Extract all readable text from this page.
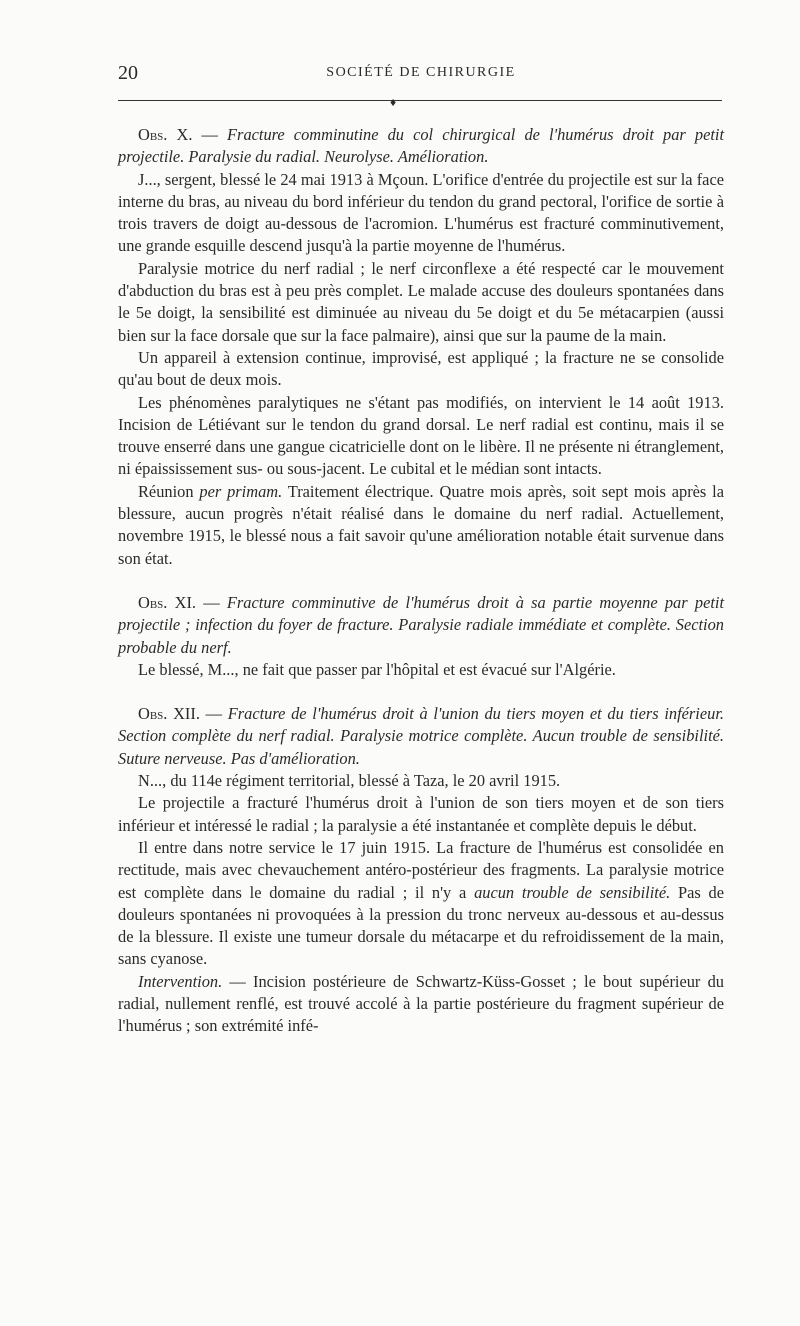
20	SOCIÉTÉ DE CHIRURGIE
♦

Obs. X. — Fracture comminutine du col chirurgical de l'humérus droit par petit projectile. Paralysie du radial. Neurolyse. Amélioration.

J..., sergent, blessé le 24 mai 1913 à Mçoun. L'orifice d'entrée du projectile est sur la face interne du bras, au niveau du bord inférieur du tendon du grand pectoral, l'orifice de sortie à trois travers de doigt au-dessous de l'acromion. L'humérus est fracturé comminutivement, une grande esquille descend jusqu'à la partie moyenne de l'humérus.

Paralysie motrice du nerf radial ; le nerf circonflexe a été respecté car le mouvement d'abduction du bras est à peu près complet. Le malade accuse des douleurs spontanées dans le 5e doigt, la sensibilité est diminuée au niveau du 5e doigt et du 5e métacarpien (aussi bien sur la face dorsale que sur la face palmaire), ainsi que sur la paume de la main.

Un appareil à extension continue, improvisé, est appliqué ; la fracture ne se consolide qu'au bout de deux mois.

Les phénomènes paralytiques ne s'étant pas modifiés, on intervient le 14 août 1913. Incision de Létiévant sur le tendon du grand dorsal. Le nerf radial est continu, mais il se trouve enserré dans une gangue cicatricielle dont on le libère. Il ne présente ni étranglement, ni épaississement sus- ou sous-jacent. Le cubital et le médian sont intacts.

Réunion per primam. Traitement électrique. Quatre mois après, soit sept mois après la blessure, aucun progrès n'était réalisé dans le domaine du nerf radial. Actuellement, novembre 1915, le blessé nous a fait savoir qu'une amélioration notable était survenue dans son état.

Obs. XI. — Fracture comminutive de l'humérus droit à sa partie moyenne par petit projectile ; infection du foyer de fracture. Paralysie radiale immédiate et complète. Section probable du nerf.

Le blessé, M..., ne fait que passer par l'hôpital et est évacué sur l'Algérie.

Obs. XII. — Fracture de l'humérus droit à l'union du tiers moyen et du tiers inférieur. Section complète du nerf radial. Paralysie motrice complète. Aucun trouble de sensibilité. Suture nerveuse. Pas d'amélioration.

N..., du 114e régiment territorial, blessé à Taza, le 20 avril 1915.

Le projectile a fracturé l'humérus droit à l'union de son tiers moyen et de son tiers inférieur et intéressé le radial ; la paralysie a été instantanée et complète depuis le début.

Il entre dans notre service le 17 juin 1915. La fracture de l'humérus est consolidée en rectitude, mais avec chevauchement antéro-postérieur des fragments. La paralysie motrice est complète dans le domaine du radial ; il n'y a aucun trouble de sensibilité. Pas de douleurs spontanées ni provoquées à la pression du tronc nerveux au-dessous et au-dessus de la blessure. Il existe une tumeur dorsale du métacarpe et du refroidissement de la main, sans cyanose.

Intervention. — Incision postérieure de Schwartz-Küss-Gosset ; le bout supérieur du radial, nullement renflé, est trouvé accolé à la partie postérieure du fragment supérieur de l'humérus ; son extrémité infé-
